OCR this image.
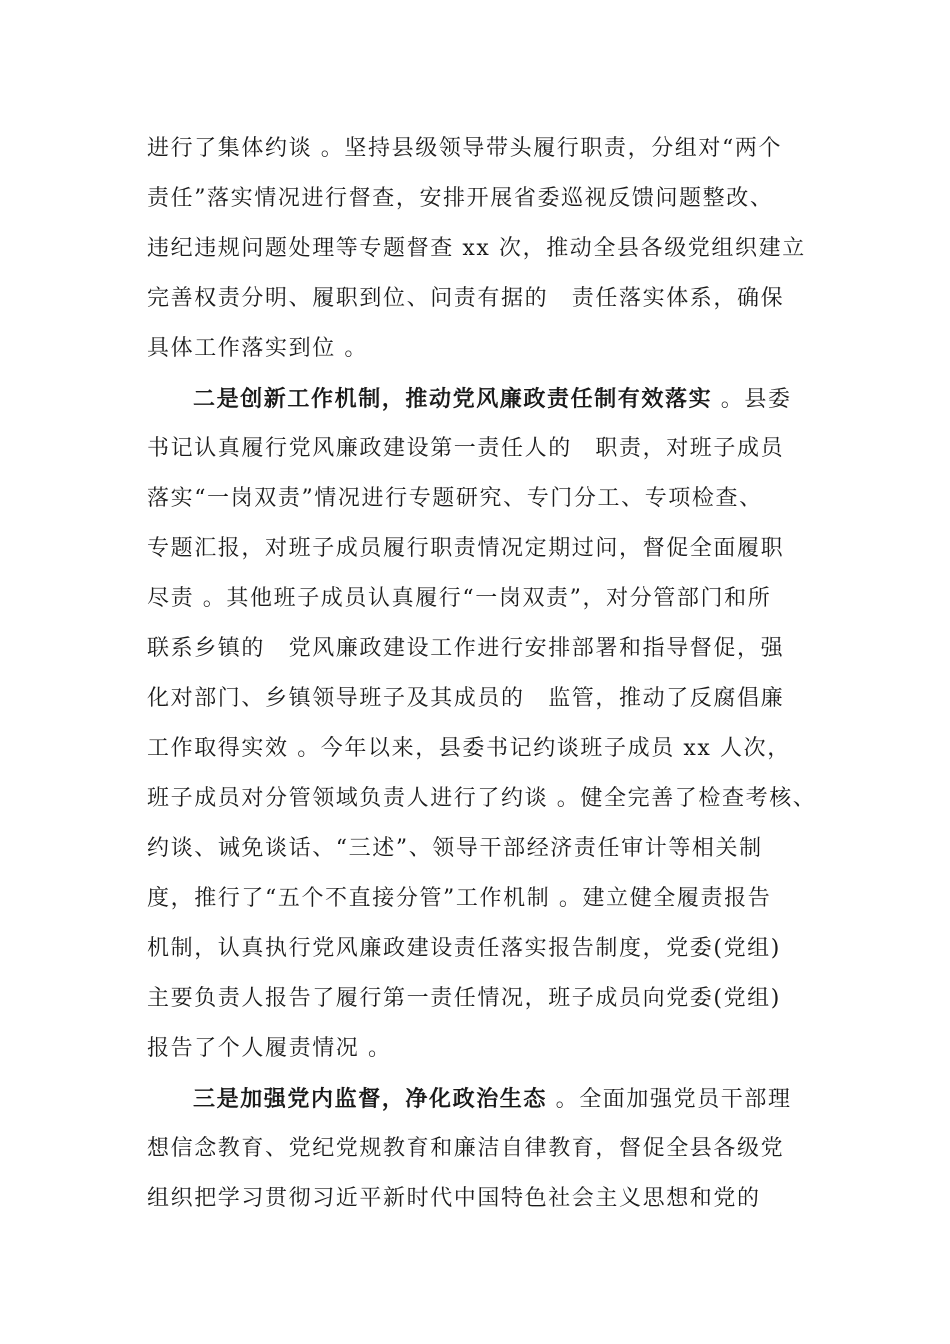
进行了集体约谈 。坚持县级领导带头履行职责，分组对“两个
责任”落实情况进行督查，安排开展省委巡视反馈问题整改、
违纪违规问题处理等专题督查 xx 次，推动全县各级党组织建立
完善权责分明、履职到位、问责有据的　责任落实体系，确保
具体工作落实到位 。
二是创新工作机制，推动党风廉政责任制有效落实 。县委
书记认真履行党风廉政建设第一责任人的　职责，对班子成员
落实“一岗双责”情况进行专题研究、专门分工、专项检查、
专题汇报，对班子成员履行职责情况定期过问，督促全面履职
尽责 。其他班子成员认真履行“一岗双责”，对分管部门和所
联系乡镇的　党风廉政建设工作进行安排部署和指导督促，强
化对部门、乡镇领导班子及其成员的　监管，推动了反腐倡廉
工作取得实效 。今年以来，县委书记约谈班子成员 xx 人次，
班子成员对分管领域负责人进行了约谈 。健全完善了检查考核、
约谈、诫免谈话、“三述”、领导干部经济责任审计等相关制
度，推行了“五个不直接分管”工作机制 。建立健全履责报告
机制，认真执行党风廉政建设责任落实报告制度，党委(党组)
主要负责人报告了履行第一责任情况，班子成员向党委(党组)
报告了个人履责情况 。
三是加强党内监督，净化政治生态 。全面加强党员干部理
想信念教育、党纪党规教育和廉洁自律教育，督促全县各级党
组织把学习贯彻习近平新时代中国特色社会主义思想和党的
